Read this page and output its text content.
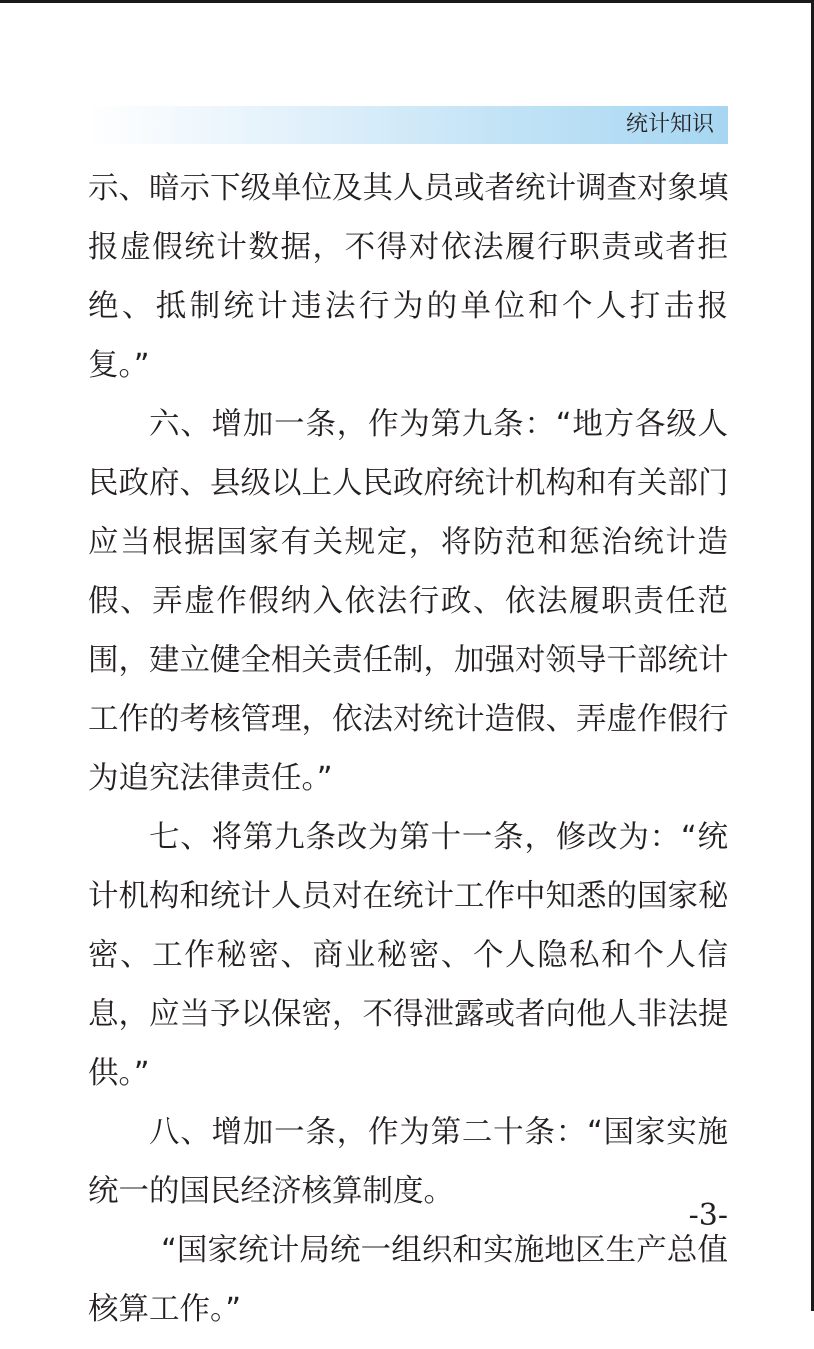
统计知识
示、暗示下级单位及其人员或者统计调查对象填
报虚假统计数据，不得对依法履行职责或者拒
绝、抵制统计违法行为的单位和个人打击报
复。”
六、增加一条，作为第九条：“地方各级人
民政府、县级以上人民政府统计机构和有关部门
应当根据国家有关规定，将防范和惩治统计造
假、弄虚作假纳入依法行政、依法履职责任范
围，建立健全相关责任制，加强对领导干部统计
工作的考核管理，依法对统计造假、弄虚作假行
为追究法律责任。”
七、将第九条改为第十一条，修改为：“统
计机构和统计人员对在统计工作中知悉的国家秘
密、工作秘密、商业秘密、个人隐私和个人信
息，应当予以保密，不得泄露或者向他人非法提
供。”
八、增加一条，作为第二十条：“国家实施
统一的国民经济核算制度。
“国家统计局统一组织和实施地区生产总值
核算工作。”
-3-
